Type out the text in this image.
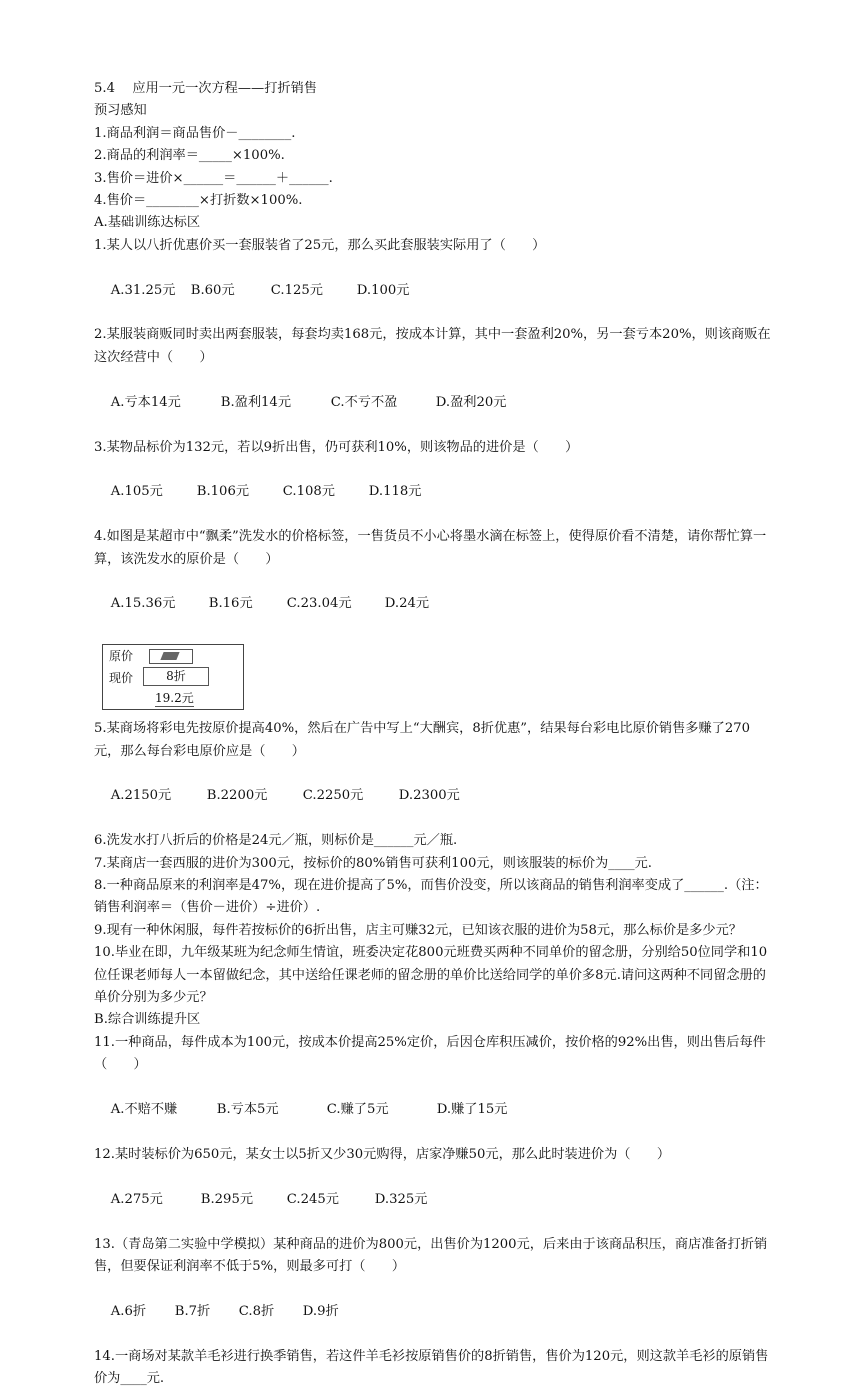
5.4　 应用一元一次方程——打折销售

预习感知

1.商品利润＝商品售价－________.

2.商品的利润率＝_____×100%.

3.售价＝进价×______＝______＋______.

4.售价＝________×打折数×100%.

A.基础训练达标区

1.某人以八折优惠价买一套服装省了25元，那么买此套服装实际用了（　　）

A.31.25元 B.60元	C.125元	D.100元

2.某服装商贩同时卖出两套服装，每套均卖168元，按成本计算，其中一套盈利20%，另一套亏本20%，则该商贩在这次经营中（　　）

A.亏本14元	B.盈利14元	C.不亏不盈	D.盈利20元

3.某物品标价为132元，若以9折出售，仍可获利10%，则该物品的进价是（　　）

A.105元	B.106元	C.108元	D.118元

4.如图是某超市中“飘柔”洗发水的价格标签，一售货员不小心将墨水滴在标签上，使得原价看不清楚，请你帮忙算一算，该洗发水的原价是（　　）

A.15.36元	B.16元	C.23.04元	D.24元

原价
现价	8折
19.2元

5.某商场将彩电先按原价提高40%，然后在广告中写上“大酬宾，8折优惠”，结果每台彩电比原价销售多赚了270元，那么每台彩电原价应是（　　）

A.2150元	B.2200元	C.2250元	D.2300元

6.洗发水打八折后的价格是24元／瓶，则标价是______元／瓶.

7.某商店一套西服的进价为300元，按标价的80%销售可获利100元，则该服装的标价为____元.

8.一种商品原来的利润率是47%，现在进价提高了5%，而售价没变，所以该商品的销售利润率变成了______.（注：销售利润率＝（售价－进价）÷进价）.

9.现有一种休闲服，每件若按标价的6折出售，店主可赚32元，已知该衣服的进价为58元，那么标价是多少元？

10.毕业在即，九年级某班为纪念师生情谊，班委决定花800元班费买两种不同单价的留念册，分别给50位同学和10位任课老师每人一本留做纪念，其中送给任课老师的留念册的单价比送给同学的单价多8元.请问这两种不同留念册的单价分别为多少元？

B.综合训练提升区

11.一种商品，每件成本为100元，按成本价提高25%定价，后因仓库积压减价，按价格的92%出售，则出售后每件（　　）

A.不赔不赚	B.亏本5元	C.赚了5元	D.赚了15元

12.某时装标价为650元，某女士以5折又少30元购得，店家净赚50元，那么此时装进价为（　　）

A.275元	B.295元	C.245元	D.325元

13.（青岛第二实验中学模拟）某种商品的进价为800元，出售价为1200元，后来由于该商品积压，商店准备打折销售，但要保证利润率不低于5%，则最多可打（　　）

A.6折 B.7折 C.8折 D.9折

14.一商场对某款羊毛衫进行换季销售，若这件羊毛衫按原销售价的8折销售，售价为120元，则这款羊毛衫的原销售价为____元.
